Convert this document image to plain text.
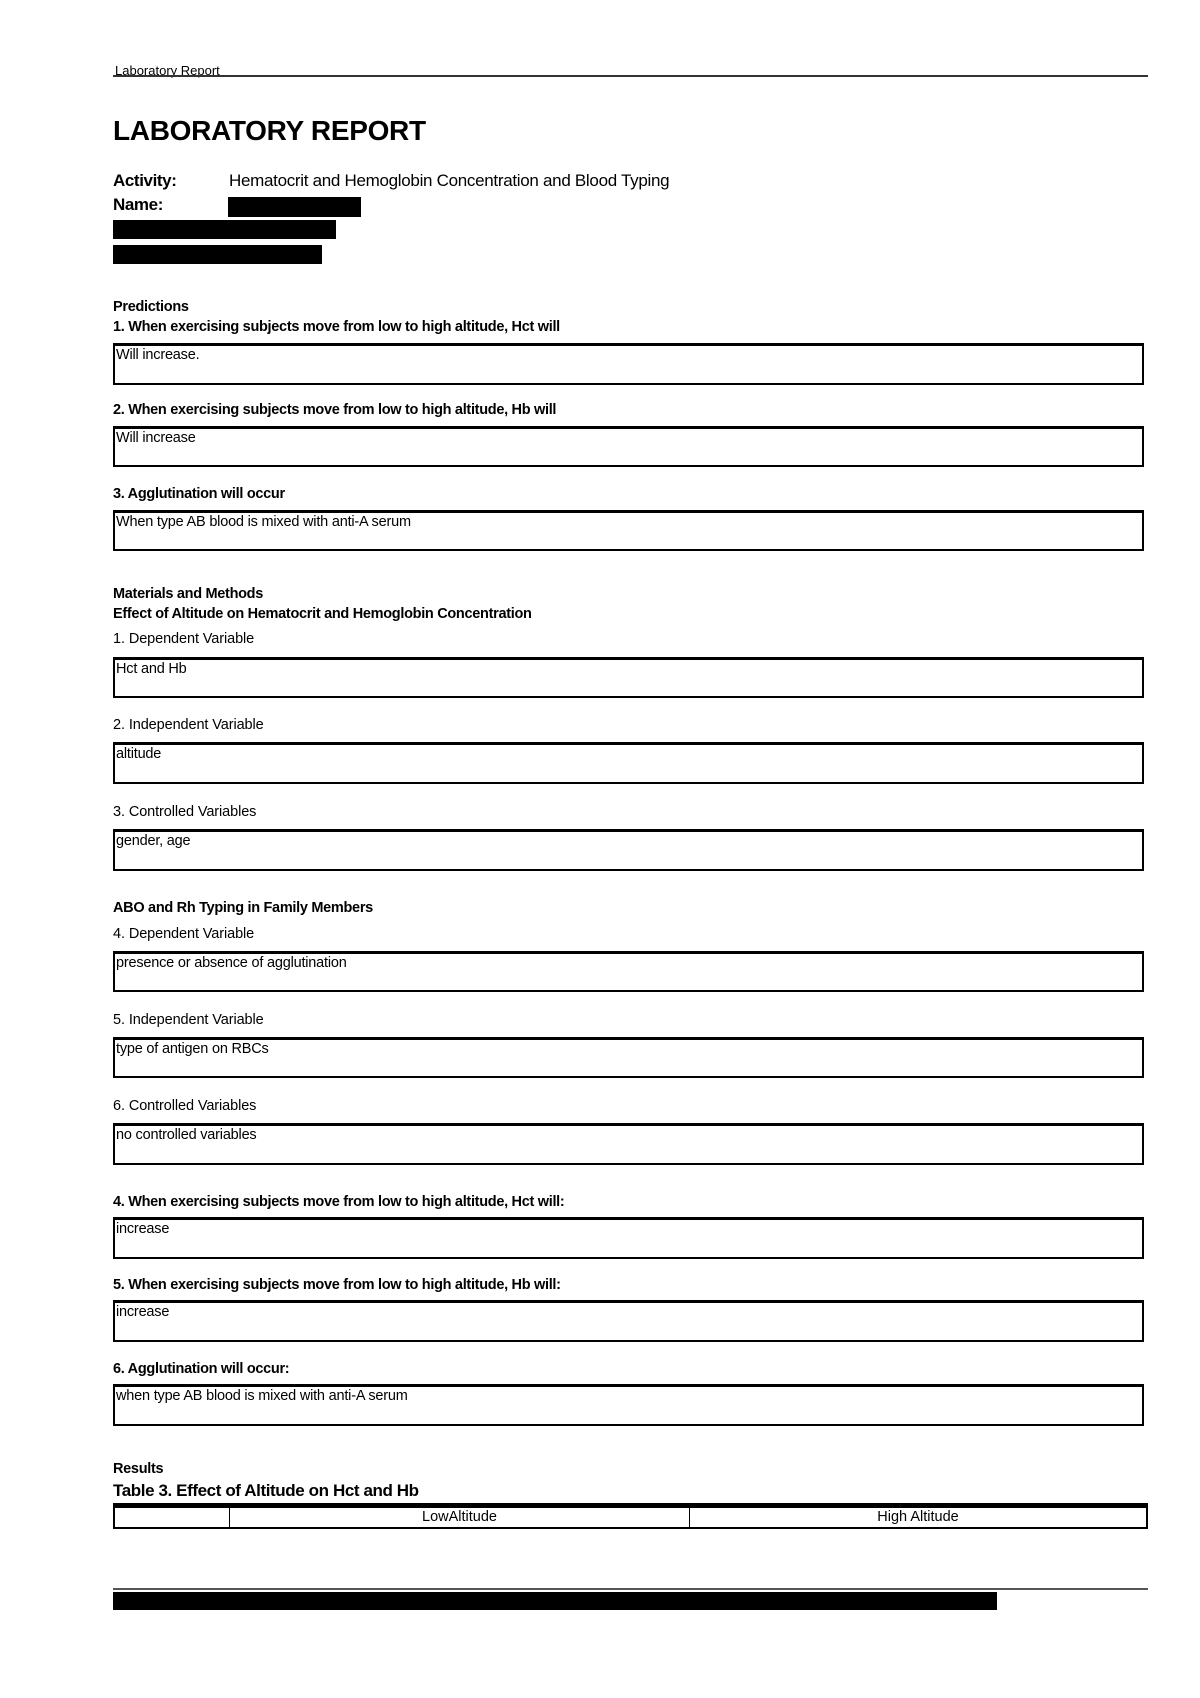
Laboratory Report
LABORATORY REPORT
Activity:	Hematocrit and Hemoglobin Concentration and Blood Typing
Name:
Predictions
1. When exercising subjects move from low to high altitude, Hct will
Will increase.
2. When exercising subjects move from low to high altitude, Hb will
Will increase
3. Agglutination will occur
When type AB blood is mixed with anti-A serum
Materials and Methods
Effect of Altitude on Hematocrit and Hemoglobin Concentration
1. Dependent Variable
Hct and Hb
2. Independent Variable
altitude
3. Controlled Variables
gender, age
ABO and Rh Typing in Family Members
4. Dependent Variable
presence or absence of agglutination
5. Independent Variable
type of antigen on RBCs
6. Controlled Variables
no controlled variables
4. When exercising subjects move from low to high altitude, Hct will:
increase
5. When exercising subjects move from low to high altitude, Hb will:
increase
6. Agglutination will occur:
when type AB blood is mixed with anti-A serum
Results
Table 3. Effect of Altitude on Hct and Hb
LowAltitude	High Altitude
